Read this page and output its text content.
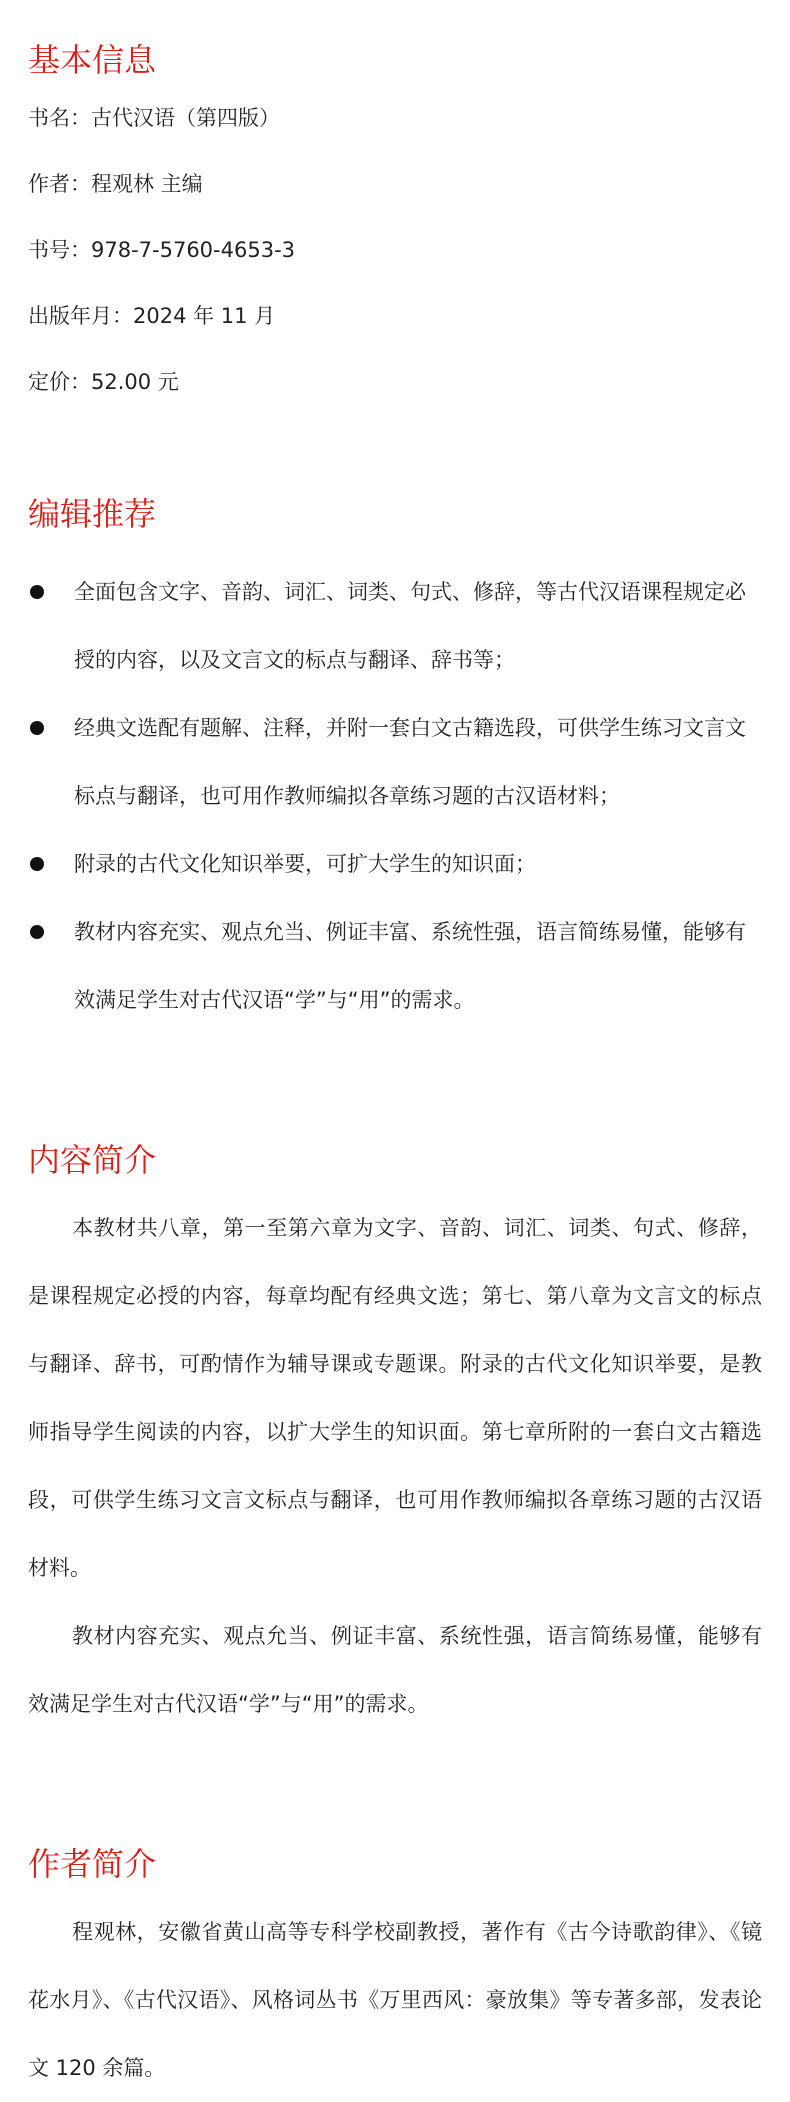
基本信息
书名：古代汉语（第四版）
作者：程观林 主编
书号：978-7-5760-4653-3
出版年月：2024 年 11 月
定价：52.00 元
编辑推荐
全面包含文字、音韵、词汇、词类、句式、修辞，等古代汉语课程规定必授的内容，以及文言文的标点与翻译、辞书等；
经典文选配有题解、注释，并附一套白文古籍选段，可供学生练习文言文标点与翻译，也可用作教师编拟各章练习题的古汉语材料；
附录的古代文化知识举要，可扩大学生的知识面；
教材内容充实、观点允当、例证丰富、系统性强，语言简练易懂，能够有效满足学生对古代汉语“学”与“用”的需求。
内容简介

本教材共八章，第一至第六章为文字、音韵、词汇、词类、句式、修辞，是课程规定必授的内容，每章均配有经典文选；第七、第八章为文言文的标点与翻译、辞书，可酌情作为辅导课或专题课。附录的古代文化知识举要，是教师指导学生阅读的内容，以扩大学生的知识面。第七章所附的一套白文古籍选段，可供学生练习文言文标点与翻译，也可用作教师编拟各章练习题的古汉语材料。

教材内容充实、观点允当、例证丰富、系统性强，语言简练易懂，能够有效满足学生对古代汉语“学”与“用”的需求。

作者简介

程观林，安徽省黄山高等专科学校副教授，著作有《古今诗歌韵律》、《镜花水月》、《古代汉语》、风格词丛书《万里西风：豪放集》等专著多部，发表论文 120 余篇。
